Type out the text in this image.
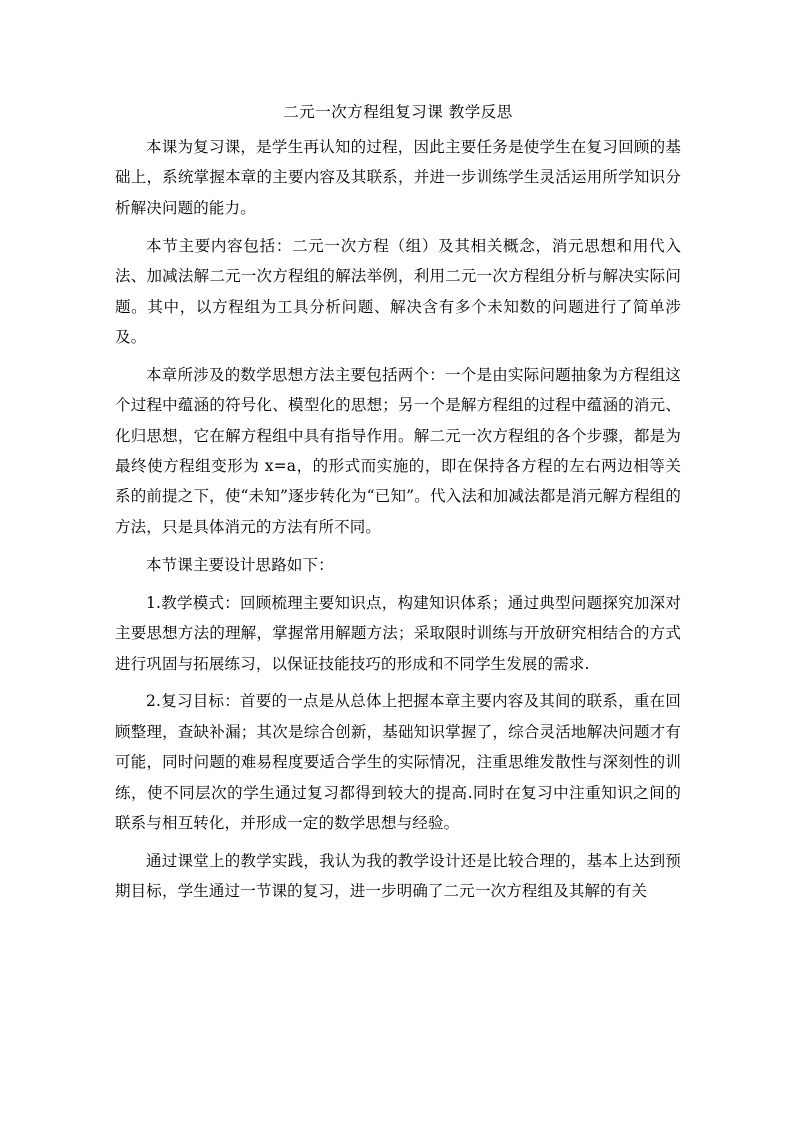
二元一次方程组复习课 教学反思

本课为复习课，是学生再认知的过程，因此主要任务是使学生在复习回顾的基础上，系统掌握本章的主要内容及其联系，并进一步训练学生灵活运用所学知识分析解决问题的能力。

本节主要内容包括：二元一次方程（组）及其相关概念，消元思想和用代入法、加减法解二元一次方程组的解法举例，利用二元一次方程组分析与解决实际问题。其中，以方程组为工具分析问题、解决含有多个未知数的问题进行了简单涉及。

本章所涉及的数学思想方法主要包括两个：一个是由实际问题抽象为方程组这个过程中蕴涵的符号化、模型化的思想；另一个是解方程组的过程中蕴涵的消元、化归思想，它在解方程组中具有指导作用。解二元一次方程组的各个步骤，都是为最终使方程组变形为 x=a，的形式而实施的，即在保持各方程的左右两边相等关系的前提之下，使“未知”逐步转化为“已知”。代入法和加减法都是消元解方程组的方法，只是具体消元的方法有所不同。

本节课主要设计思路如下：

1.教学模式：回顾梳理主要知识点，构建知识体系；通过典型问题探究加深对主要思想方法的理解，掌握常用解题方法；采取限时训练与开放研究相结合的方式进行巩固与拓展练习，以保证技能技巧的形成和不同学生发展的需求.

2.复习目标：首要的一点是从总体上把握本章主要内容及其间的联系，重在回顾整理，查缺补漏；其次是综合创新，基础知识掌握了，综合灵活地解决问题才有可能，同时问题的难易程度要适合学生的实际情况，注重思维发散性与深刻性的训练，使不同层次的学生通过复习都得到较大的提高.同时在复习中注重知识之间的联系与相互转化，并形成一定的数学思想与经验。

通过课堂上的教学实践，我认为我的教学设计还是比较合理的，基本上达到预期目标，学生通过一节课的复习，进一步明确了二元一次方程组及其解的有关
